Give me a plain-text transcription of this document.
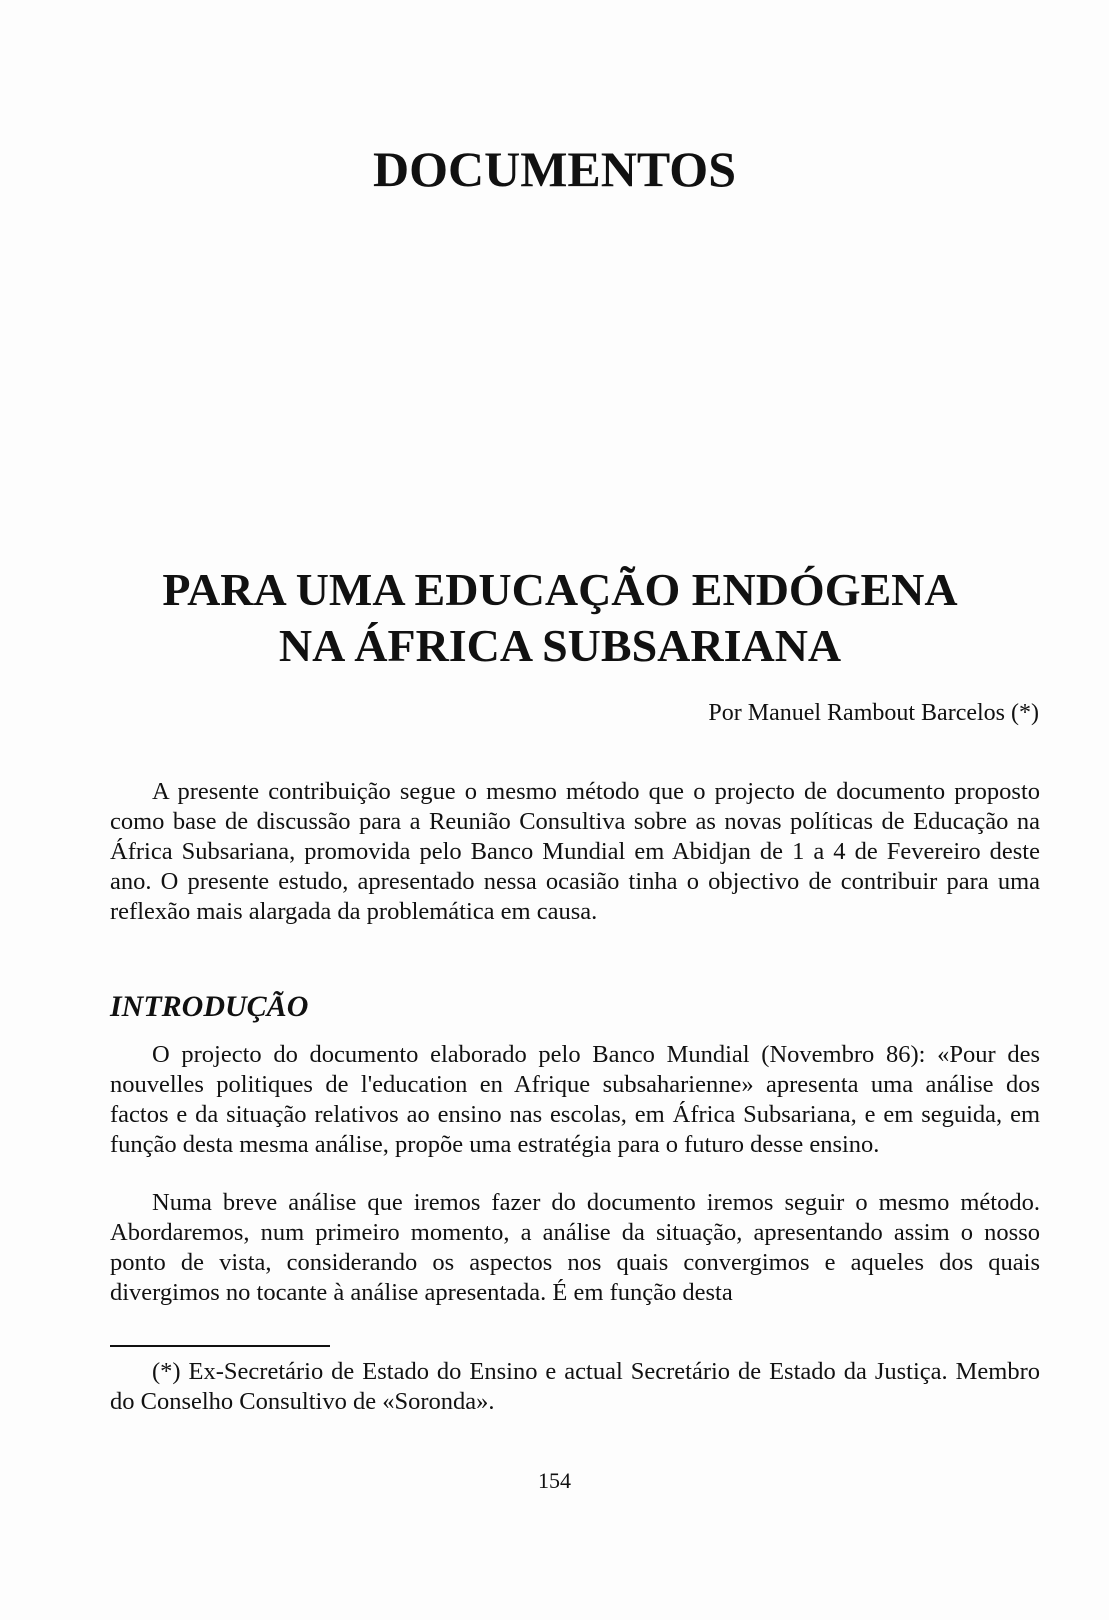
DOCUMENTOS
PARA UMA EDUCAÇÃO ENDÓGENA
NA ÁFRICA SUBSARIANA

Por Manuel Rambout Barcelos (*)

A presente contribuição segue o mesmo método que o projecto de documento proposto como base de discussão para a Reunião Consultiva sobre as novas políticas de Educação na África Subsariana, promovida pelo Banco Mundial em Abidjan de 1 a 4 de Fevereiro deste ano. O presente estudo, apresentado nessa ocasião tinha o objectivo de contribuir para uma reflexão mais alargada da problemática em causa.

INTRODUÇÃO

O projecto do documento elaborado pelo Banco Mundial (Novembro 86): «Pour des nouvelles politiques de l'education en Afrique subsaharienne» apresenta uma análise dos factos e da situação relativos ao ensino nas escolas, em África Subsariana, e em seguida, em função desta mesma análise, propõe uma estratégia para o futuro desse ensino.

Numa breve análise que iremos fazer do documento iremos seguir o mesmo método. Abordaremos, num primeiro momento, a análise da situação, apresentando assim o nosso ponto de vista, considerando os aspectos nos quais convergimos e aqueles dos quais divergimos no tocante à análise apresentada. É em função desta

(*) Ex-Secretário de Estado do Ensino e actual Secretário de Estado da Justiça. Membro do Conselho Consultivo de «Soronda».

154
